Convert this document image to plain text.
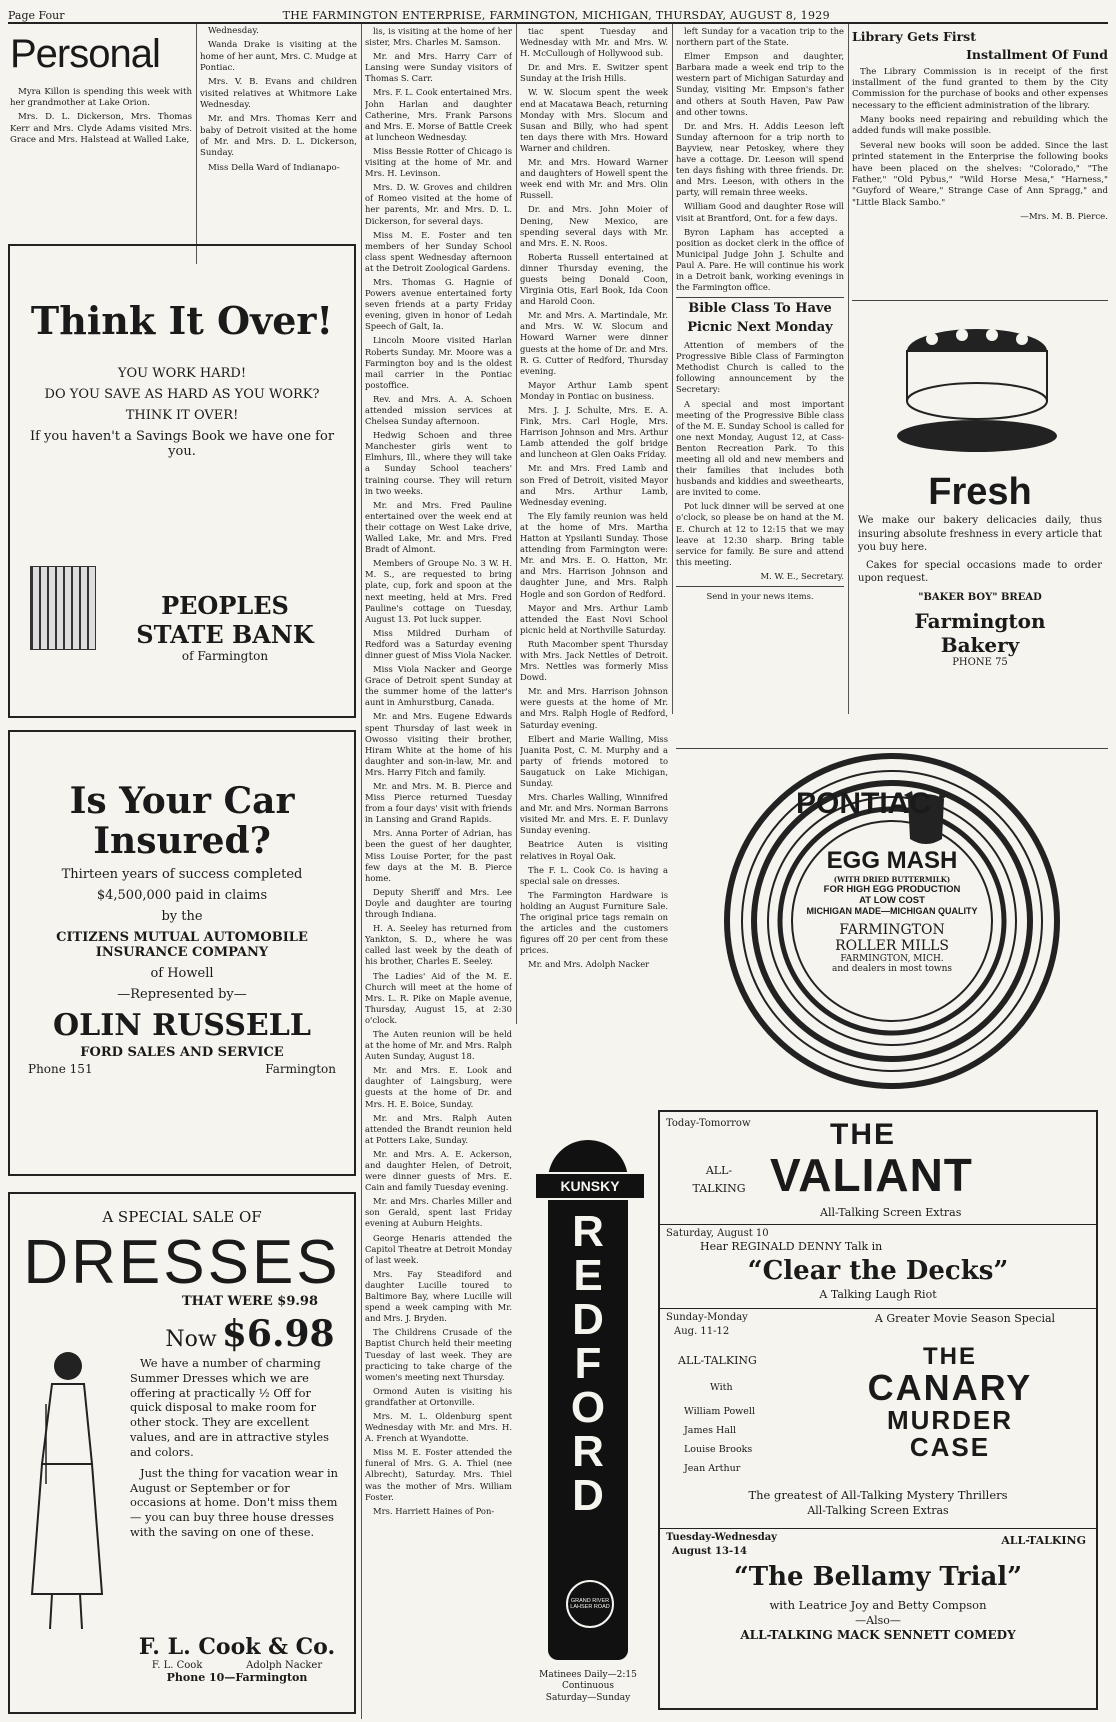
Page Four	THE FARMINGTON ENTERPRISE, FARMINGTON, MICHIGAN, THURSDAY, AUGUST 8, 1929
Personal

Myra Killon is spending this week with her grandmother at Lake Orion.

Mrs. D. L. Dickerson, Mrs. Thomas Kerr and Mrs. Clyde Adams visited Mrs. Grace and Mrs. Halstead at Walled Lake,

Wednesday.

Wanda Drake is visiting at the home of her aunt, Mrs. C. Mudge at Pontiac.

Mrs. V. B. Evans and children visited relatives at Whitmore Lake Wednesday.

Mr. and Mrs. Thomas Kerr and baby of Detroit visited at the home of Mr. and Mrs. D. L. Dickerson, Sunday.

Miss Della Ward of Indianapo-

Think It Over!
YOU WORK HARD!
DO YOU SAVE AS HARD AS YOU WORK?
THINK IT OVER!
If you haven't a Savings Book we have one for you.
PEOPLES
STATE BANK
of Farmington
Is Your Car Insured?
Thirteen years of success completed
$4,500,000 paid in claims
by the
CITIZENS MUTUAL AUTOMOBILE INSURANCE COMPANY
of Howell
—Represented by—
OLIN RUSSELL
FORD SALES AND SERVICE
Phone 151	Farmington
A SPECIAL SALE OF
DRESSES
THAT WERE $9.98
Now $6.98

We have a number of charming Summer Dresses which we are offering at practically ½ Off for quick disposal to make room for other stock. They are excellent values, and are in attractive styles and colors.

Just the thing for vacation wear in August or September or for occasions at home. Don't miss them — you can buy three house dresses with the saving on one of these.

F. L. Cook & Co.
F. L. Cook	Adolph Nacker
Phone 10—Farmington

lis, is visiting at the home of her sister, Mrs. Charles M. Samson.

Mr. and Mrs. Harry Carr of Lansing were Sunday visitors of Thomas S. Carr.

Mrs. F. L. Cook entertained Mrs. John Harlan and daughter Catherine, Mrs. Frank Parsons and Mrs. E. Morse of Battle Creek at luncheon Wednesday.

Miss Bessie Rotter of Chicago is visiting at the home of Mr. and Mrs. H. Levinson.

Mrs. D. W. Groves and children of Romeo visited at the home of her parents, Mr. and Mrs. D. L. Dickerson, for several days.

Miss M. E. Foster and ten members of her Sunday School class spent Wednesday afternoon at the Detroit Zoological Gardens.

Mrs. Thomas G. Hagnie of Powers avenue entertained forty seven friends at a party Friday evening, given in honor of Ledah Speech of Galt, Ia.

Lincoln Moore visited Harlan Roberts Sunday. Mr. Moore was a Farmington boy and is the oldest mail carrier in the Pontiac postoffice.

Rev. and Mrs. A. A. Schoen attended mission services at Chelsea Sunday afternoon.

Hedwig Schoen and three Manchester girls went to Elmhurs, Ill., where they will take a Sunday School teachers' training course. They will return in two weeks.

Mr. and Mrs. Fred Pauline entertained over the week end at their cottage on West Lake drive, Walled Lake, Mr. and Mrs. Fred Bradt of Almont.

Members of Groupe No. 3 W. H. M. S., are requested to bring plate, cup, fork and spoon at the next meeting, held at Mrs. Fred Pauline's cottage on Tuesday, August 13. Pot luck supper.

Miss Mildred Durham of Redford was a Saturday evening dinner guest of Miss Viola Nacker.

Miss Viola Nacker and George Grace of Detroit spent Sunday at the summer home of the latter's aunt in Amhurstburg, Canada.

Mr. and Mrs. Eugene Edwards spent Thursday of last week in Owosso visiting their brother, Hiram White at the home of his daughter and son-in-law, Mr. and Mrs. Harry Fitch and family.

Mr. and Mrs. M. B. Pierce and Miss Pierce returned Tuesday from a four days' visit with friends in Lansing and Grand Rapids.

Mrs. Anna Porter of Adrian, has been the guest of her daughter, Miss Louise Porter, for the past few days at the M. B. Pierce home.

Deputy Sheriff and Mrs. Lee Doyle and daughter are touring through Indiana.

H. A. Seeley has returned from Yankton, S. D., where he was called last week by the death of his brother, Charles E. Seeley.

The Ladies' Aid of the M. E. Church will meet at the home of Mrs. L. R. Pike on Maple avenue, Thursday, August 15, at 2:30 o'clock.

The Auten reunion will be held at the home of Mr. and Mrs. Ralph Auten Sunday, August 18.

Mr. and Mrs. E. Look and daughter of Laingsburg, were guests at the home of Dr. and Mrs. H. E. Boice, Sunday.

Mr. and Mrs. Ralph Auten attended the Brandt reunion held at Potters Lake, Sunday.

Mr. and Mrs. A. E. Ackerson, and daughter Helen, of Detroit, were dinner guests of Mrs. E. Cain and family Tuesday evening.

Mr. and Mrs. Charles Miller and son Gerald, spent last Friday evening at Auburn Heights.

George Henaris attended the Capitol Theatre at Detroit Monday of last week.

Mrs. Fay Steadiford and daughter Lucille toured to Baltimore Bay, where Lucille will spend a week camping with Mr. and Mrs. J. Bryden.

The Childrens Crusade of the Baptist Church held their meeting Tuesday of last week. They are practicing to take charge of the women's meeting next Thursday.

Ormond Auten is visiting his grandfather at Ortonville.

Mrs. M. L. Oldenburg spent Wednesday with Mr. and Mrs. H. A. French at Wyandotte.

Miss M. E. Foster attended the funeral of Mrs. G. A. Thiel (nee Albrecht), Saturday. Mrs. Thiel was the mother of Mrs. William Foster.

Mrs. Harriett Haines of Pon-

tiac spent Tuesday and Wednesday with Mr. and Mrs. W. H. McCullough of Hollywood sub.

Dr. and Mrs. E. Switzer spent Sunday at the Irish Hills.

W. W. Slocum spent the week end at Macatawa Beach, returning Monday with Mrs. Slocum and Susan and Billy, who had spent ten days there with Mrs. Howard Warner and children.

Mr. and Mrs. Howard Warner and daughters of Howell spent the week end with Mr. and Mrs. Olin Russell.

Dr. and Mrs. John Moier of Dening, New Mexico, are spending several days with Mr. and Mrs. E. N. Roos.

Roberta Russell entertained at dinner Thursday evening, the guests being Donald Coon, Virginia Otis, Earl Book, Ida Coon and Harold Coon.

Mr. and Mrs. A. Martindale, Mr. and Mrs. W. W. Slocum and Howard Warner were dinner guests at the home of Dr. and Mrs. R. G. Cutter of Redford, Thursday evening.

Mayor Arthur Lamb spent Monday in Pontiac on business.

Mrs. J. J. Schulte, Mrs. E. A. Fink, Mrs. Carl Hogle, Mrs. Harrison Johnson and Mrs. Arthur Lamb attended the golf bridge and luncheon at Glen Oaks Friday.

Mr. and Mrs. Fred Lamb and son Fred of Detroit, visited Mayor and Mrs. Arthur Lamb, Wednesday evening.

The Ely family reunion was held at the home of Mrs. Martha Hatton at Ypsilanti Sunday. Those attending from Farmington were: Mr. and Mrs. E. O. Hatton, Mr. and Mrs. Harrison Johnson and daughter June, and Mrs. Ralph Hogle and son Gordon of Redford.

Mayor and Mrs. Arthur Lamb attended the East Novi School picnic held at Northville Saturday.

Ruth Macomber spent Thursday with Mrs. Jack Nettles of Detroit. Mrs. Nettles was formerly Miss Dowd.

Mr. and Mrs. Harrison Johnson were guests at the home of Mr. and Mrs. Ralph Hogle of Redford, Saturday evening.

Elbert and Marie Walling, Miss Juanita Post, C. M. Murphy and a party of friends motored to Saugatuck on Lake Michigan, Sunday.

Mrs. Charles Walling, Winnifred and Mr. and Mrs. Norman Barrons visited Mr. and Mrs. E. F. Dunlavy Sunday evening.

Beatrice Auten is visiting relatives in Royal Oak.

The F. L. Cook Co. is having a special sale on dresses.

The Farmington Hardware is holding an August Furniture Sale. The original price tags remain on the articles and the customers figures off 20 per cent from these prices.

Mr. and Mrs. Adolph Nacker

left Sunday for a vacation trip to the northern part of the State.

Elmer Empson and daughter, Barbara made a week end trip to the western part of Michigan Saturday and Sunday, visiting Mr. Empson's father and others at South Haven, Paw Paw and other towns.

Dr. and Mrs. H. Addis Leeson left Sunday afternoon for a trip north to Bayview, near Petoskey, where they have a cottage. Dr. Leeson will spend ten days fishing with three friends. Dr. and Mrs. Leeson, with others in the party, will remain three weeks.

William Good and daughter Rose will visit at Brantford, Ont. for a few days.

Byron Lapham has accepted a position as docket clerk in the office of Municipal Judge John J. Schulte and Paul A. Pare. He will continue his work in a Detroit bank, working evenings in the Farmington office.

Bible Class To Have
Picnic Next Monday

Attention of members of the Progressive Bible Class of Farmington Methodist Church is called to the following announcement by the Secretary:

A special and most important meeting of the Progressive Bible class of the M. E. Sunday School is called for one next Monday, August 12, at Cass-Benton Recreation Park. To this meeting all old and new members and their families that includes both husbands and kiddies and sweethearts, are invited to come.

Pot luck dinner will be served at one o'clock, so please be on hand at the M. E. Church at 12 to 12:15 that we may leave at 12:30 sharp. Bring table service for family. Be sure and attend this meeting.

M. W. E., Secretary.

Send in your news items.

Library Gets First
Installment Of Fund

The Library Commission is in receipt of the first installment of the fund granted to them by the City Commission for the purchase of books and other expenses necessary to the efficient administration of the library.

Many books need repairing and rebuilding which the added funds will make possible.

Several new books will soon be added. Since the last printed statement in the Enterprise the following books have been placed on the shelves: "Colorado," "The Father," "Old Pybus," "Wild Horse Mesa," "Harness," "Guyford of Weare," Strange Case of Ann Spragg," and "Little Black Sambo."

—Mrs. M. B. Pierce.

Fresh

We make our bakery delicacies daily, thus insuring absolute freshness in every article that you buy here.

Cakes for special occasions made to order upon request.

"BAKER BOY" BREAD
Farmington
Bakery
PHONE 75
PONTIAC
EGG MASH
(WITH DRIED BUTTERMILK)
FOR HIGH EGG PRODUCTION
AT LOW COST
MICHIGAN MADE—MICHIGAN QUALITY
FARMINGTON
ROLLER MILLS
FARMINGTON, MICH.
and dealers in most towns
KUNSKY
REDFORD
GRAND RIVER LAHSER ROAD
Matinees Daily—2:15
Continuous
Saturday—Sunday
Today-Tomorrow
ALL-TALKING
THE
VALIANT
All-Talking Screen Extras
Saturday, August 10
Hear REGINALD DENNY Talk in
“Clear the Decks”
A Talking Laugh Riot
Sunday-Monday
Aug. 11-12
A Greater Movie Season Special
ALL-TALKING
With
William Powell
James Hall
Louise Brooks
Jean Arthur
THE
CANARY
MURDER
CASE
The greatest of All-Talking Mystery Thrillers
All-Talking Screen Extras
Tuesday-Wednesday
August 13-14
ALL-TALKING
“The Bellamy Trial”
with Leatrice Joy and Betty Compson
—Also—
ALL-TALKING MACK SENNETT COMEDY
